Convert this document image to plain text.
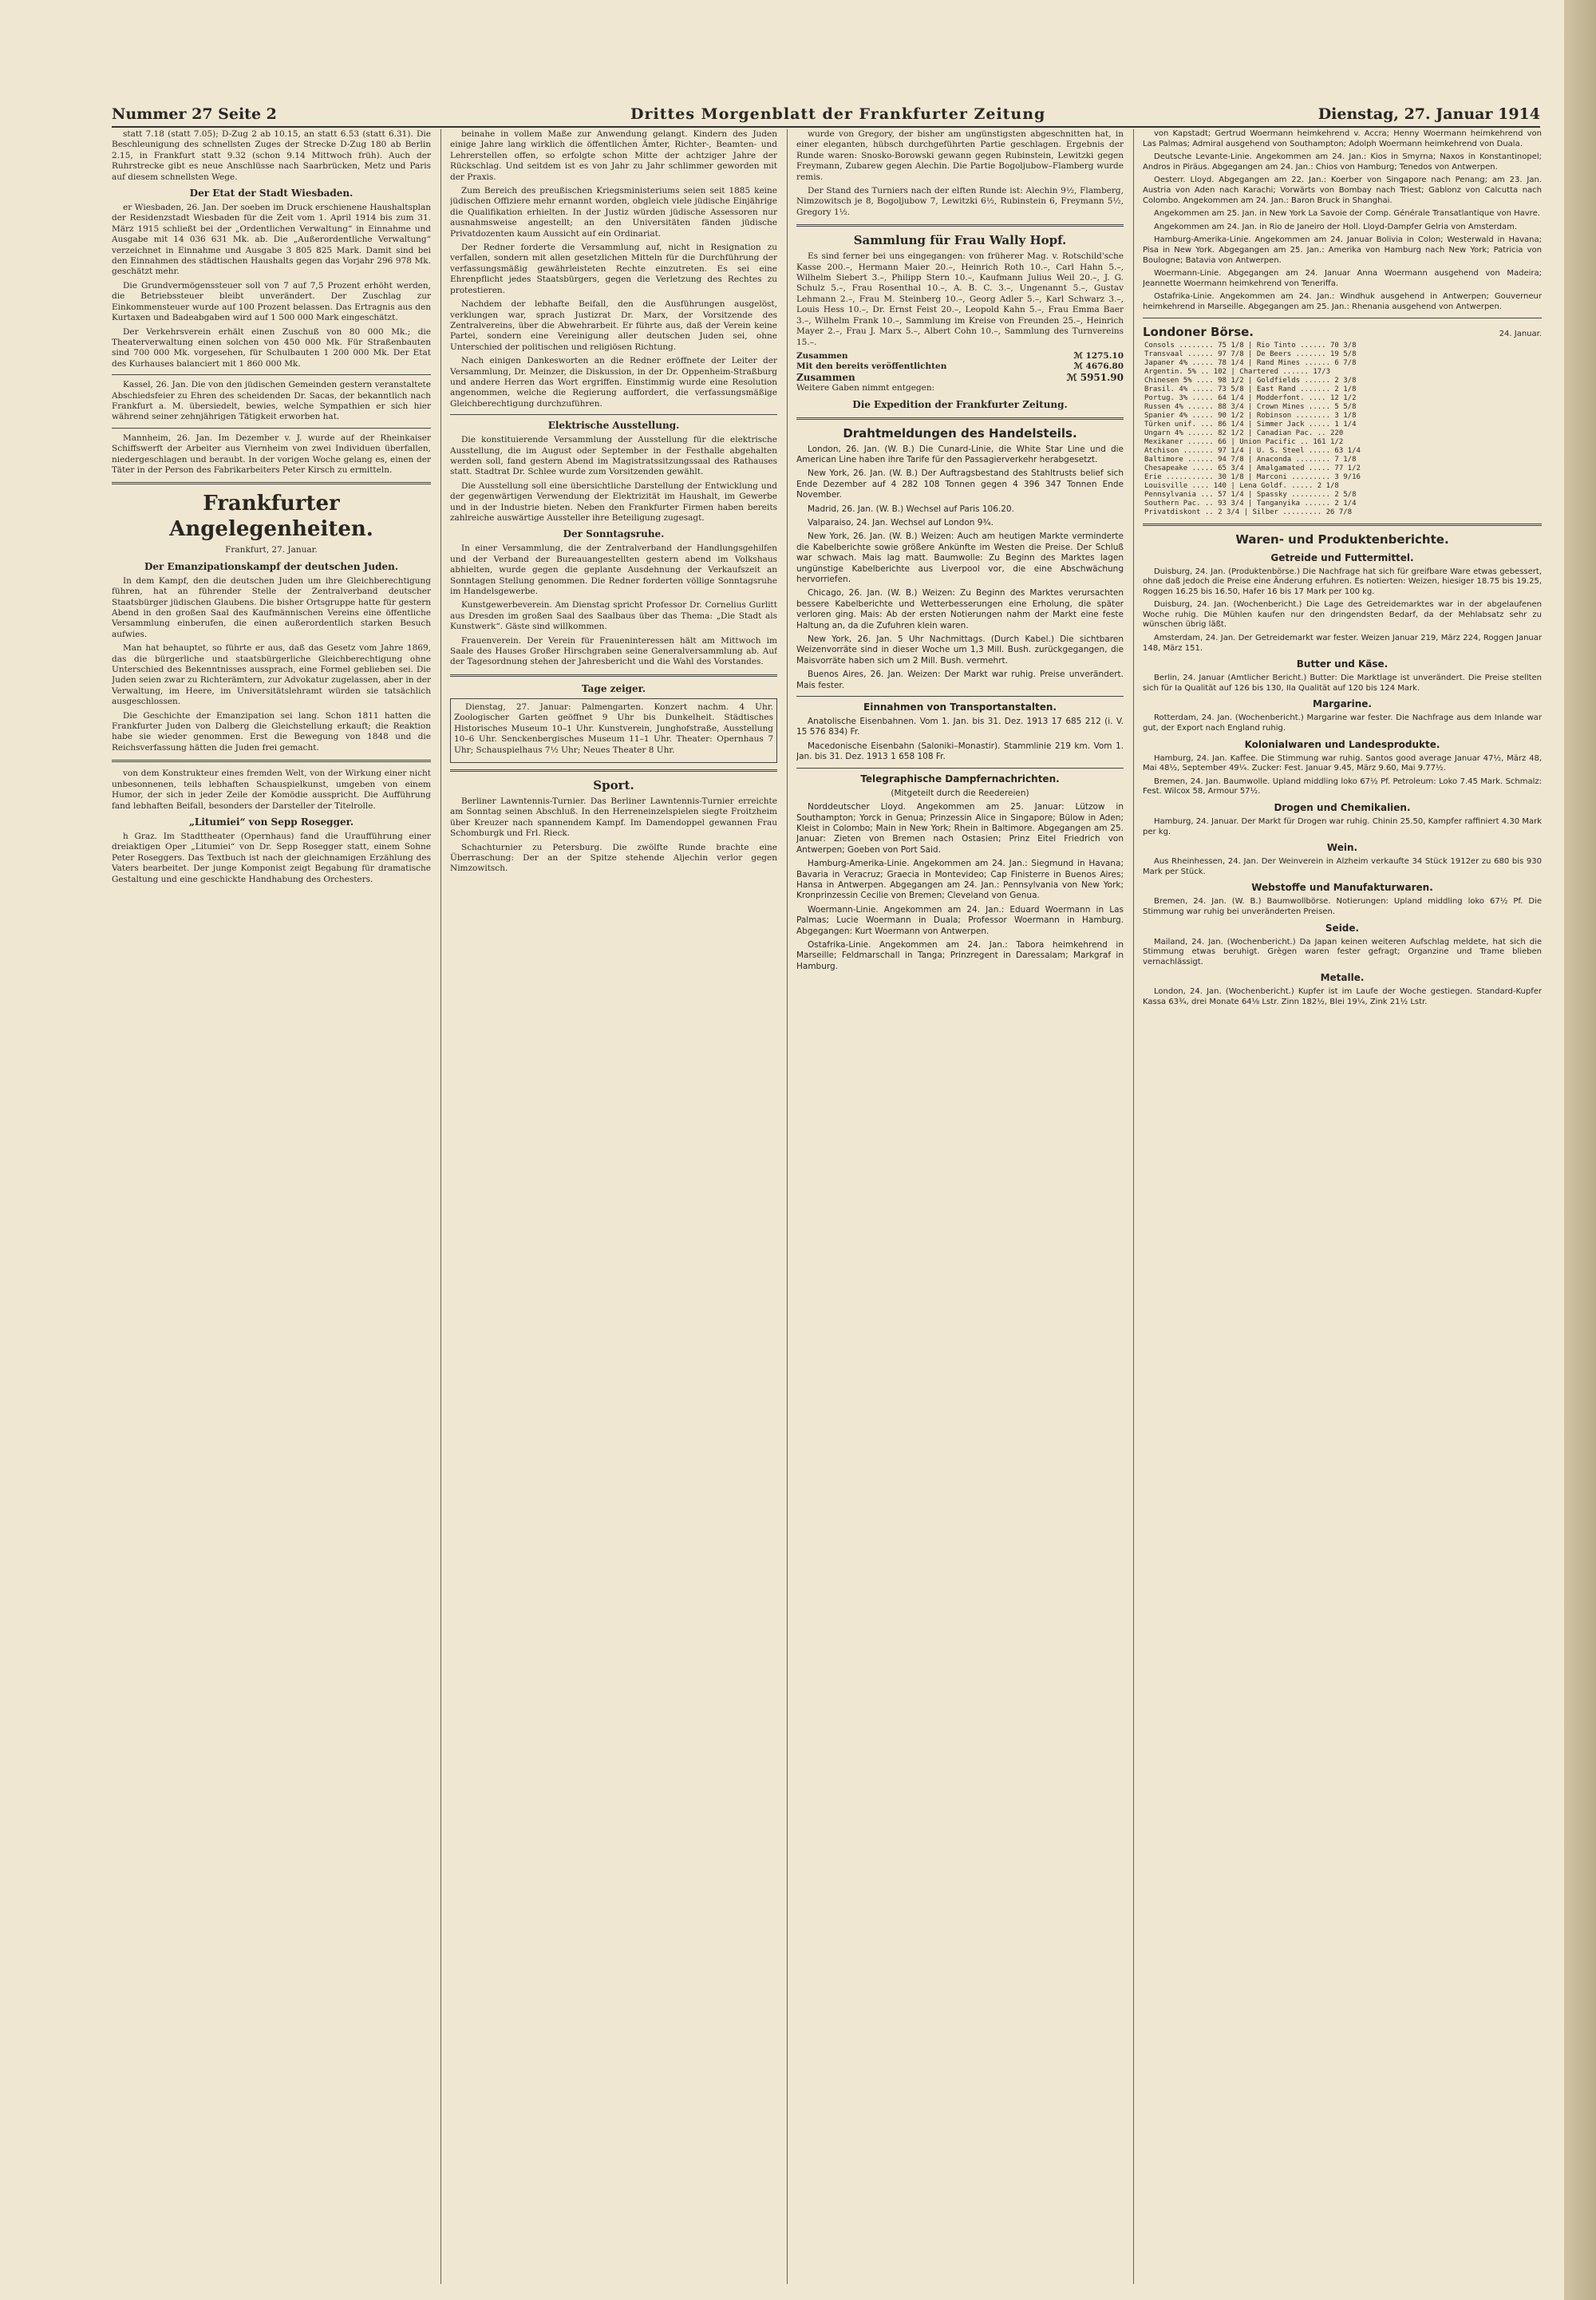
Nummer 27 Seite 2	Drittes Morgenblatt der Frankfurter Zeitung	Dienstag, 27. Januar 1914

statt 7.18 (statt 7.05); D-Zug 2 ab 10.15, an statt 6.53 (statt 6.31). Die Beschleunigung des schnellsten Zuges der Strecke D-Zug 180 ab Berlin 2.15, in Frankfurt statt 9.32 (schon 9.14 Mittwoch früh). Auch der Ruhrstrecke gibt es neue Anschlüsse nach Saarbrücken, Metz und Paris auf diesem schnellsten Wege.

Der Etat der Stadt Wiesbaden.

er Wiesbaden, 26. Jan. Der soeben im Druck erschienene Haushaltsplan der Residenzstadt Wiesbaden für die Zeit vom 1. April 1914 bis zum 31. März 1915 schließt bei der „Ordentlichen Verwaltung“ in Einnahme und Ausgabe mit 14 036 631 Mk. ab. Die „Außerordentliche Verwaltung“ verzeichnet in Einnahme und Ausgabe 3 805 825 Mark. Damit sind bei den Einnahmen des städtischen Haushalts gegen das Vorjahr 296 978 Mk. geschätzt mehr.

Die Grundvermögenssteuer soll von 7 auf 7,5 Prozent erhöht werden, die Betriebssteuer bleibt unverändert. Der Zuschlag zur Einkommensteuer wurde auf 100 Prozent belassen. Das Ertragnis aus den Kurtaxen und Badeabgaben wird auf 1 500 000 Mark eingeschätzt.

Der Verkehrsverein erhält einen Zuschuß von 80 000 Mk.; die Theaterverwaltung einen solchen von 450 000 Mk. Für Straßenbauten sind 700 000 Mk. vorgesehen, für Schulbauten 1 200 000 Mk. Der Etat des Kurhauses balanciert mit 1 860 000 Mk.

Kassel, 26. Jan. Die von den jüdischen Gemeinden gestern veranstaltete Abschiedsfeier zu Ehren des scheidenden Dr. Sacas, der bekanntlich nach Frankfurt a. M. übersiedelt, bewies, welche Sympathien er sich hier während seiner zehnjährigen Tätigkeit erworben hat.

Mannheim, 26. Jan. Im Dezember v. J. wurde auf der Rheinkaiser Schiffswerft der Arbeiter aus Viernheim von zwei Individuen überfallen, niedergeschlagen und beraubt. In der vorigen Woche gelang es, einen der Täter in der Person des Fabrikarbeiters Peter Kirsch zu ermitteln.

Frankfurter Angelegenheiten.
Frankfurt, 27. Januar.
Der Emanzipationskampf der deutschen Juden.

In dem Kampf, den die deutschen Juden um ihre Gleichberechtigung führen, hat an führender Stelle der Zentralverband deutscher Staatsbürger jüdischen Glaubens. Die bisher Ortsgruppe hatte für gestern Abend in den großen Saal des Kaufmännischen Vereins eine öffentliche Versammlung einberufen, die einen außerordentlich starken Besuch aufwies.

Man hat behauptet, so führte er aus, daß das Gesetz vom Jahre 1869, das die bürgerliche und staatsbürgerliche Gleichberechtigung ohne Unterschied des Bekenntnisses aussprach, eine Formel geblieben sei. Die Juden seien zwar zu Richterämtern, zur Advokatur zugelassen, aber in der Verwaltung, im Heere, im Universitätslehramt würden sie tatsächlich ausgeschlossen.

Die Geschichte der Emanzipation sei lang. Schon 1811 hatten die Frankfurter Juden von Dalberg die Gleichstellung erkauft; die Reaktion habe sie wieder genommen. Erst die Bewegung von 1848 und die Reichsverfassung hätten die Juden frei gemacht.

von dem Konstrukteur eines fremden Welt, von der Wirkung einer nicht unbesonnenen, teils lebhaften Schauspielkunst, umgeben von einem Humor, der sich in jeder Zeile der Komödie ausspricht. Die Aufführung fand lebhaften Beifall, besonders der Darsteller der Titelrolle.

„Litumiei“ von Sepp Rosegger.

h Graz. Im Stadttheater (Opernhaus) fand die Uraufführung einer dreiaktigen Oper „Litumiei“ von Dr. Sepp Rosegger statt, einem Sohne Peter Roseggers. Das Textbuch ist nach der gleichnamigen Erzählung des Vaters bearbeitet. Der junge Komponist zeigt Begabung für dramatische Gestaltung und eine geschickte Handhabung des Orchesters.

beinahe in vollem Maße zur Anwendung gelangt. Kindern des Juden einige Jahre lang wirklich die öffentlichen Ämter, Richter-, Beamten- und Lehrerstellen offen, so erfolgte schon Mitte der achtziger Jahre der Rückschlag. Und seitdem ist es von Jahr zu Jahr schlimmer geworden mit der Praxis.

Zum Bereich des preußischen Kriegsministeriums seien seit 1885 keine jüdischen Offiziere mehr ernannt worden, obgleich viele jüdische Einjährige die Qualifikation erhielten. In der Justiz würden jüdische Assessoren nur ausnahmsweise angestellt; an den Universitäten fänden jüdische Privatdozenten kaum Aussicht auf ein Ordinariat.

Der Redner forderte die Versammlung auf, nicht in Resignation zu verfallen, sondern mit allen gesetzlichen Mitteln für die Durchführung der verfassungsmäßig gewährleisteten Rechte einzutreten. Es sei eine Ehrenpflicht jedes Staatsbürgers, gegen die Verletzung des Rechtes zu protestieren.

Nachdem der lebhafte Beifall, den die Ausführungen ausgelöst, verklungen war, sprach Justizrat Dr. Marx, der Vorsitzende des Zentralvereins, über die Abwehrarbeit. Er führte aus, daß der Verein keine Partei, sondern eine Vereinigung aller deutschen Juden sei, ohne Unterschied der politischen und religiösen Richtung.

Nach einigen Dankesworten an die Redner eröffnete der Leiter der Versammlung, Dr. Meinzer, die Diskussion, in der Dr. Oppenheim-Straßburg und andere Herren das Wort ergriffen. Einstimmig wurde eine Resolution angenommen, welche die Regierung auffordert, die verfassungsmäßige Gleichberechtigung durchzuführen.

Elektrische Ausstellung.

Die konstituierende Versammlung der Ausstellung für die elektrische Ausstellung, die im August oder September in der Festhalle abgehalten werden soll, fand gestern Abend im Magistratssitzungssaal des Rathauses statt. Stadtrat Dr. Schlee wurde zum Vorsitzenden gewählt.

Die Ausstellung soll eine übersichtliche Darstellung der Entwicklung und der gegenwärtigen Verwendung der Elektrizität im Haushalt, im Gewerbe und in der Industrie bieten. Neben den Frankfurter Firmen haben bereits zahlreiche auswärtige Aussteller ihre Beteiligung zugesagt.

Der Sonntagsruhe.

In einer Versammlung, die der Zentralverband der Handlungsgehilfen und der Verband der Bureauangestellten gestern abend im Volkshaus abhielten, wurde gegen die geplante Ausdehnung der Verkaufszeit an Sonntagen Stellung genommen. Die Redner forderten völlige Sonntagsruhe im Handelsgewerbe.

Kunstgewerbeverein. Am Dienstag spricht Professor Dr. Cornelius Gurlitt aus Dresden im großen Saal des Saalbaus über das Thema: „Die Stadt als Kunstwerk“. Gäste sind willkommen.

Frauenverein. Der Verein für Fraueninteressen hält am Mittwoch im Saale des Hauses Großer Hirschgraben seine Generalversammlung ab. Auf der Tagesordnung stehen der Jahresbericht und die Wahl des Vorstandes.

Tage zeiger.

Dienstag, 27. Januar: Palmengarten. Konzert nachm. 4 Uhr. Zoologischer Garten geöffnet 9 Uhr bis Dunkelheit. Städtisches Historisches Museum 10–1 Uhr. Kunstverein, Junghofstraße, Ausstellung 10–6 Uhr. Senckenbergisches Museum 11–1 Uhr. Theater: Opernhaus 7 Uhr; Schauspielhaus 7½ Uhr; Neues Theater 8 Uhr.

Sport.

Berliner Lawntennis-Turnier. Das Berliner Lawntennis-Turnier erreichte am Sonntag seinen Abschluß. In den Herreneinzelspielen siegte Froitzheim über Kreuzer nach spannendem Kampf. Im Damendoppel gewannen Frau Schomburgk und Frl. Rieck.

Schachturnier zu Petersburg. Die zwölfte Runde brachte eine Überraschung: Der an der Spitze stehende Aljechin verlor gegen Nimzowitsch.

wurde von Gregory, der bisher am ungünstigsten abgeschnitten hat, in einer eleganten, hübsch durchgeführten Partie geschlagen. Ergebnis der Runde waren: Snosko-Borowski gewann gegen Rubinstein, Lewitzki gegen Freymann, Zubarew gegen Alechin. Die Partie Bogoljubow–Flamberg wurde remis.

Der Stand des Turniers nach der elften Runde ist: Alechin 9½, Flamberg, Nimzowitsch je 8, Bogoljubow 7, Lewitzki 6½, Rubinstein 6, Freymann 5½, Gregory 1½.

Sammlung für Frau Wally Hopf.

Es sind ferner bei uns eingegangen: von früherer Mag. v. Rotschild'sche Kasse 200.–, Hermann Maier 20.–, Heinrich Roth 10.–, Carl Hahn 5.–, Wilhelm Siebert 3.–, Philipp Stern 10.–, Kaufmann Julius Weil 20.–, J. G. Schulz 5.–, Frau Rosenthal 10.–, A. B. C. 3.–, Ungenannt 5.–, Gustav Lehmann 2.–, Frau M. Steinberg 10.–, Georg Adler 5.–, Karl Schwarz 3.–, Louis Hess 10.–, Dr. Ernst Feist 20.–, Leopold Kahn 5.–, Frau Emma Baer 3.–, Wilhelm Frank 10.–, Sammlung im Kreise von Freunden 25.–, Heinrich Mayer 2.–, Frau J. Marx 5.–, Albert Cohn 10.–, Sammlung des Turnvereins 15.–.

Zusammen	ℳ 1275.10
Mit den bereits veröffentlichten	ℳ 4676.80
Zusammen	ℳ 5951.90
Weitere Gaben nimmt entgegen:
Die Expedition der Frankfurter Zeitung.
Drahtmeldungen des Handelsteils.

London, 26. Jan. (W. B.) Die Cunard-Linie, die White Star Line und die American Line haben ihre Tarife für den Passagierverkehr herabgesetzt.

New York, 26. Jan. (W. B.) Der Auftragsbestand des Stahltrusts belief sich Ende Dezember auf 4 282 108 Tonnen gegen 4 396 347 Tonnen Ende November.

Madrid, 26. Jan. (W. B.) Wechsel auf Paris 106.20.

Valparaiso, 24. Jan. Wechsel auf London 9¾.

New York, 26. Jan. (W. B.) Weizen: Auch am heutigen Markte verminderte die Kabelberichte sowie größere Ankünfte im Westen die Preise. Der Schluß war schwach. Mais lag matt. Baumwolle: Zu Beginn des Marktes lagen ungünstige Kabelberichte aus Liverpool vor, die eine Abschwächung hervorriefen.

Chicago, 26. Jan. (W. B.) Weizen: Zu Beginn des Marktes verursachten bessere Kabelberichte und Wetterbesserungen eine Erholung, die später verloren ging. Mais: Ab der ersten Notierungen nahm der Markt eine feste Haltung an, da die Zufuhren klein waren.

New York, 26. Jan. 5 Uhr Nachmittags. (Durch Kabel.) Die sichtbaren Weizenvorräte sind in dieser Woche um 1,3 Mill. Bush. zurückgegangen, die Maisvorräte haben sich um 2 Mill. Bush. vermehrt.

Buenos Aires, 26. Jan. Weizen: Der Markt war ruhig. Preise unverändert. Mais fester.

Einnahmen von Transportanstalten.

Anatolische Eisenbahnen. Vom 1. Jan. bis 31. Dez. 1913 17 685 212 (i. V. 15 576 834) Fr.

Macedonische Eisenbahn (Saloniki–Monastir). Stammlinie 219 km. Vom 1. Jan. bis 31. Dez. 1913 1 658 108 Fr.

Telegraphische Dampfernachrichten.
(Mitgeteilt durch die Reedereien)

Norddeutscher Lloyd. Angekommen am 25. Januar: Lützow in Southampton; Yorck in Genua; Prinzessin Alice in Singapore; Bülow in Aden; Kleist in Colombo; Main in New York; Rhein in Baltimore. Abgegangen am 25. Januar: Zieten von Bremen nach Ostasien; Prinz Eitel Friedrich von Antwerpen; Goeben von Port Said.

Hamburg-Amerika-Linie. Angekommen am 24. Jan.: Siegmund in Havana; Bavaria in Veracruz; Graecia in Montevideo; Cap Finisterre in Buenos Aires; Hansa in Antwerpen. Abgegangen am 24. Jan.: Pennsylvania von New York; Kronprinzessin Cecilie von Bremen; Cleveland von Genua.

Woermann-Linie. Angekommen am 24. Jan.: Eduard Woermann in Las Palmas; Lucie Woermann in Duala; Professor Woermann in Hamburg. Abgegangen: Kurt Woermann von Antwerpen.

Ostafrika-Linie. Angekommen am 24. Jan.: Tabora heimkehrend in Marseille; Feldmarschall in Tanga; Prinzregent in Daressalam; Markgraf in Hamburg.

von Kapstadt; Gertrud Woermann heimkehrend v. Accra; Henny Woermann heimkehrend von Las Palmas; Admiral ausgehend von Southampton; Adolph Woermann heimkehrend von Duala.

Deutsche Levante-Linie. Angekommen am 24. Jan.: Kios in Smyrna; Naxos in Konstantinopel; Andros in Piräus. Abgegangen am 24. Jan.: Chios von Hamburg; Tenedos von Antwerpen.

Oesterr. Lloyd. Abgegangen am 22. Jan.: Koerber von Singapore nach Penang; am 23. Jan. Austria von Aden nach Karachi; Vorwärts von Bombay nach Triest; Gablonz von Calcutta nach Colombo. Angekommen am 24. Jan.: Baron Bruck in Shanghai.

Angekommen am 25. Jan. in New York La Savoie der Comp. Générale Transatlantique von Havre.

Angekommen am 24. Jan. in Rio de Janeiro der Holl. Lloyd-Dampfer Gelria von Amsterdam.

Hamburg-Amerika-Linie. Angekommen am 24. Januar Bolivia in Colon; Westerwald in Havana; Pisa in New York. Abgegangen am 25. Jan.: Amerika von Hamburg nach New York; Patricia von Boulogne; Batavia von Antwerpen.

Woermann-Linie. Abgegangen am 24. Januar Anna Woermann ausgehend von Madeira; Jeannette Woermann heimkehrend von Teneriffa.

Ostafrika-Linie. Angekommen am 24. Jan.: Windhuk ausgehend in Antwerpen; Gouverneur heimkehrend in Marseille. Abgegangen am 25. Jan.: Rhenania ausgehend von Antwerpen.

Londoner Börse.	24. Januar.
Consols ........ 75 1/8 | Rio Tinto ...... 70 3/8
Transvaal ...... 97 7/8 | De Beers ....... 19 5/8
Japaner 4% ..... 78 1/4 | Rand Mines ...... 6 7/8
Argentin. 5% .. 102 | Chartered ...... 17/3
Chinesen 5% .... 98 1/2 | Goldfields ...... 2 3/8
Brasil. 4% ..... 73 5/8 | East Rand ....... 2 1/8
Portug. 3% ..... 64 1/4 | Modderfont. .... 12 1/2
Russen 4% ...... 88 3/4 | Crown Mines ..... 5 5/8
Spanier 4% ..... 90 1/2 | Robinson ........ 3 1/8
Türken unif. ... 86 1/4 | Simmer Jack ..... 1 1/4
Ungarn 4% ...... 82 1/2 | Canadian Pac. .. 220
Mexikaner ...... 66 | Union Pacific .. 161 1/2
Atchison ....... 97 1/4 | U. S. Steel ..... 63 1/4
Baltimore ...... 94 7/8 | Anaconda ........ 7 1/8
Chesapeake ..... 65 3/4 | Amalgamated ..... 77 1/2
Erie ........... 30 1/8 | Marconi ......... 3 9/16
Louisville .... 140 | Lena Goldf. ..... 2 1/8
Pennsylvania ... 57 1/4 | Spassky ......... 2 5/8
Southern Pac. .. 93 3/4 | Tanganyika ...... 2 1/4
Privatdiskont .. 2 3/4 | Silber ......... 26 7/8
Waren- und Produktenberichte.
Getreide und Futtermittel.

Duisburg, 24. Jan. (Produktenbörse.) Die Nachfrage hat sich für greifbare Ware etwas gebessert, ohne daß jedoch die Preise eine Änderung erfuhren. Es notierten: Weizen, hiesiger 18.75 bis 19.25, Roggen 16.25 bis 16.50, Hafer 16 bis 17 Mark per 100 kg.

Duisburg, 24. Jan. (Wochenbericht.) Die Lage des Getreidemarktes war in der abgelaufenen Woche ruhig. Die Mühlen kaufen nur den dringendsten Bedarf, da der Mehlabsatz sehr zu wünschen übrig läßt.

Amsterdam, 24. Jan. Der Getreidemarkt war fester. Weizen Januar 219, März 224, Roggen Januar 148, März 151.

Butter und Käse.

Berlin, 24. Januar (Amtlicher Bericht.) Butter: Die Marktlage ist unverändert. Die Preise stellten sich für Ia Qualität auf 126 bis 130, IIa Qualität auf 120 bis 124 Mark.

Margarine.

Rotterdam, 24. Jan. (Wochenbericht.) Margarine war fester. Die Nachfrage aus dem Inlande war gut, der Export nach England ruhig.

Kolonialwaren und Landesprodukte.

Hamburg, 24. Jan. Kaffee. Die Stimmung war ruhig. Santos good average Januar 47½, März 48, Mai 48½, September 49¼. Zucker: Fest. Januar 9.45, März 9.60, Mai 9.77½.

Bremen, 24. Jan. Baumwolle. Upland middling loko 67½ Pf. Petroleum: Loko 7.45 Mark. Schmalz: Fest. Wilcox 58, Armour 57½.

Drogen und Chemikalien.

Hamburg, 24. Januar. Der Markt für Drogen war ruhig. Chinin 25.50, Kampfer raffiniert 4.30 Mark per kg.

Wein.

Aus Rheinhessen, 24. Jan. Der Weinverein in Alzheim verkaufte 34 Stück 1912er zu 680 bis 930 Mark per Stück.

Webstoffe und Manufakturwaren.

Bremen, 24. Jan. (W. B.) Baumwollbörse. Notierungen: Upland middling loko 67½ Pf. Die Stimmung war ruhig bei unveränderten Preisen.

Seide.

Mailand, 24. Jan. (Wochenbericht.) Da Japan keinen weiteren Aufschlag meldete, hat sich die Stimmung etwas beruhigt. Grègen waren fester gefragt; Organzine und Trame blieben vernachlässigt.

Metalle.

London, 24. Jan. (Wochenbericht.) Kupfer ist im Laufe der Woche gestiegen. Standard-Kupfer Kassa 63¾, drei Monate 64⅛ Lstr. Zinn 182½, Blei 19¼, Zink 21½ Lstr.
